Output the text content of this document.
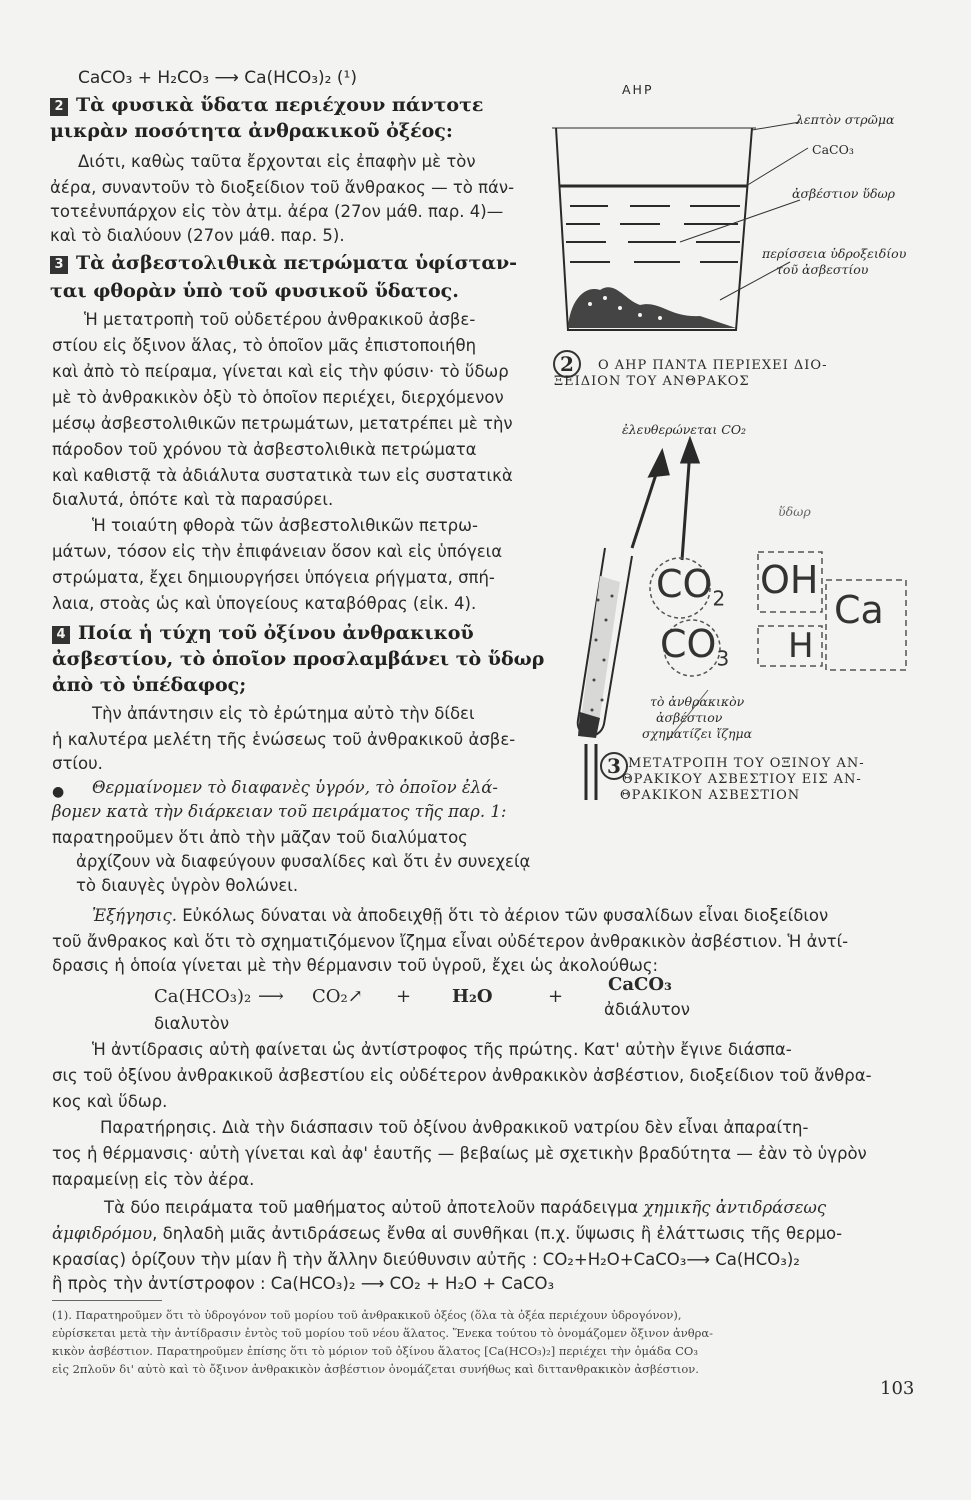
CaCO₃ + H₂CO₃ ⟶ Ca(HCO₃)₂ (¹)
2 Τὰ φυσικὰ ὕδατα περιέχουν πάντοτε
μικρὰν ποσότητα ἀνθρακικοῦ ὀξέος:
Διότι, καθὼς ταῦτα ἔρχονται εἰς ἐπαφὴν μὲ τὸν
ἀέρα, συναντοῦν τὸ διοξείδιον τοῦ ἄνθρακος — τὸ πάν-
τοτεἐνυπάρχον εἰς τὸν ἀτμ. ἀέρα (27ον μάθ. παρ. 4)—
καὶ τὸ διαλύουν (27ον μάθ. παρ. 5).
3 Τὰ ἀσβεστολιθικὰ πετρώματα ὑφίσταν-
ται φθορὰν ὑπὸ τοῦ φυσικοῦ ὕδατος.
Ἡ μετατροπὴ τοῦ οὐδετέρου ἀνθρακικοῦ ἀσβε-
στίου εἰς ὄξινον ἅλας, τὸ ὁποῖον μᾶς ἐπιστοποιήθη
καὶ ἀπὸ τὸ πείραμα, γίνεται καὶ εἰς τὴν φύσιν· τὸ ὕδωρ
μὲ τὸ ἀνθρακικὸν ὀξὺ τὸ ὁποῖον περιέχει, διερχόμενον
μέσῳ ἀσβεστολιθικῶν πετρωμάτων, μετατρέπει μὲ τὴν
πάροδον τοῦ χρόνου τὰ ἀσβεστολιθικὰ πετρώματα
καὶ καθιστᾷ τὰ ἀδιάλυτα συστατικὰ των εἰς συστατικὰ
διαλυτά, ὁπότε καὶ τὰ παρασύρει.
Ἡ τοιαύτη φθορὰ τῶν ἀσβεστολιθικῶν πετρω-
μάτων, τόσον εἰς τὴν ἐπιφάνειαν ὅσον καὶ εἰς ὑπόγεια
στρώματα, ἔχει δημιουργήσει ὑπόγεια ρήγματα, σπή-
λαια, στοὰς ὡς καὶ ὑπογείους καταβόθρας (εἰκ. 4).
4 Ποία ἡ τύχη τοῦ ὀξίνου ἀνθρακικοῦ
ἀσβεστίου, τὸ ὁποῖον προσλαμβάνει τὸ ὕδωρ
ἀπὸ τὸ ὑπέδαφος;
Τὴν ἀπάντησιν εἰς τὸ ἐρώτημα αὐτὸ τὴν δίδει
ἡ καλυτέρα μελέτη τῆς ἑνώσεως τοῦ ἀνθρακικοῦ ἀσβε-
στίου.
● Θερμαίνομεν τὸ διαφανὲς ὑγρόν, τὸ ὁποῖον ἐλά-
βομεν κατὰ τὴν διάρκειαν τοῦ πειράματος τῆς παρ. 1:
παρατηροῦμεν ὅτι ἀπὸ τὴν μᾶζαν τοῦ διαλύματος
ἀρχίζουν νὰ διαφεύγουν φυσαλίδες καὶ ὅτι ἐν συνεχείᾳ
τὸ διαυγὲς ὑγρὸν θολώνει.
ΑΗΡ
λεπτὸν στρῶμα
CaCO₃
ἀσβέστιον ὕδωρ
περίσσεια ὑδροξειδίου
τοῦ ἀσβεστίου
2	Ο ΑΗΡ ΠΑΝΤΑ ΠΕΡΙΕΧΕΙ ΔΙΟ-
ΞΕΙΔΙΟΝ ΤΟΥ ΑΝΘΡΑΚΟΣ
ἐλευθερώνεται CO₂
ὕδωρ
$CO_2$ OH
Ca
$CO_3$ H
τὸ ἀνθρακικὸν
ἀσβέστιον
σχηματίζει ἴζημα
3 ΜΕΤΑΤΡΟΠΗ ΤΟΥ ΟΞΙΝΟΥ ΑΝ-
ΘΡΑΚΙΚΟΥ ΑΣΒΕΣΤΙΟΥ ΕΙΣ ΑΝ-
ΘΡΑΚΙΚΟΝ ΑΣΒΕΣΤΙΟΝ
Ἐξήγησις. Εὐκόλως δύναται νὰ ἀποδειχθῇ ὅτι τὸ ἀέριον τῶν φυσαλίδων εἶναι διοξείδιον
τοῦ ἄνθρακος καὶ ὅτι τὸ σχηματιζόμενον ἴζημα εἶναι οὐδέτερον ἀνθρακικὸν ἀσβέστιον. Ἡ ἀντί-
δρασις ἡ ὁποία γίνεται μὲ τὴν θέρμανσιν τοῦ ὑγροῦ, ἔχει ὡς ἀκολούθως:
Ca(HCO₃)₂ ⟶ CO₂↗ + H₂O	+
CaCO₃
διαλυτὸν
ἀδιάλυτον
Ἡ ἀντίδρασις αὐτὴ φαίνεται ὡς ἀντίστροφος τῆς πρώτης. Κατ' αὐτὴν ἔγινε διάσπα-
σις τοῦ ὀξίνου ἀνθρακικοῦ ἀσβεστίου εἰς οὐδέτερον ἀνθρακικὸν ἀσβέστιον, διοξείδιον τοῦ ἄνθρα-
κος καὶ ὕδωρ.
Παρατήρησις. Διὰ τὴν διάσπασιν τοῦ ὀξίνου ἀνθρακικοῦ νατρίου δὲν εἶναι ἀπαραίτη-
τος ἡ θέρμανσις· αὐτὴ γίνεται καὶ ἀφ' ἑαυτῆς — βεβαίως μὲ σχετικὴν βραδύτητα — ἐὰν τὸ ὑγρὸν
παραμείνῃ εἰς τὸν ἀέρα.
Τὰ δύο πειράματα τοῦ μαθήματος αὐτοῦ ἀποτελοῦν παράδειγμα χημικῆς ἀντιδράσεως
ἀμφιδρόμου, δηλαδὴ μιᾶς ἀντιδράσεως ἔνθα αἱ συνθῆκαι (π.χ. ὕψωσις ἢ ἐλάττωσις τῆς θερμο-
κρασίας) ὁρίζουν τὴν μίαν ἢ τὴν ἄλλην διεύθυνσιν αὐτῆς : CO₂+H₂O+CaCO₃⟶ Ca(HCO₃)₂
ἢ πρὸς τὴν ἀντίστροφον : Ca(HCO₃)₂ ⟶ CO₂ + H₂O + CaCO₃
(1). Παρατηροῦμεν ὅτι τὸ ὑδρογόνον τοῦ μορίου τοῦ ἀνθρακικοῦ ὀξέος (ὅλα τὰ ὀξέα περιέχουν ὑδρογόνον),
εὑρίσκεται μετὰ τὴν ἀντίδρασιν ἐντὸς τοῦ μορίου τοῦ νέου ἅλατος. Ἕνεκα τούτου τὸ ὀνομάζομεν ὄξινον ἀνθρα-
κικὸν ἀσβέστιον. Παρατηροῦμεν ἐπίσης ὅτι τὸ μόριον τοῦ ὀξίνου ἅλατος [Ca(HCO₃)₂] περιέχει τὴν ὁμάδα CO₃
εἰς 2πλοῦν δι' αὐτὸ καὶ τὸ ὄξινον ἀνθρακικὸν ἀσβέστιον ὀνομάζεται συνήθως καὶ διττανθρακικὸν ἀσβέστιον.
103
